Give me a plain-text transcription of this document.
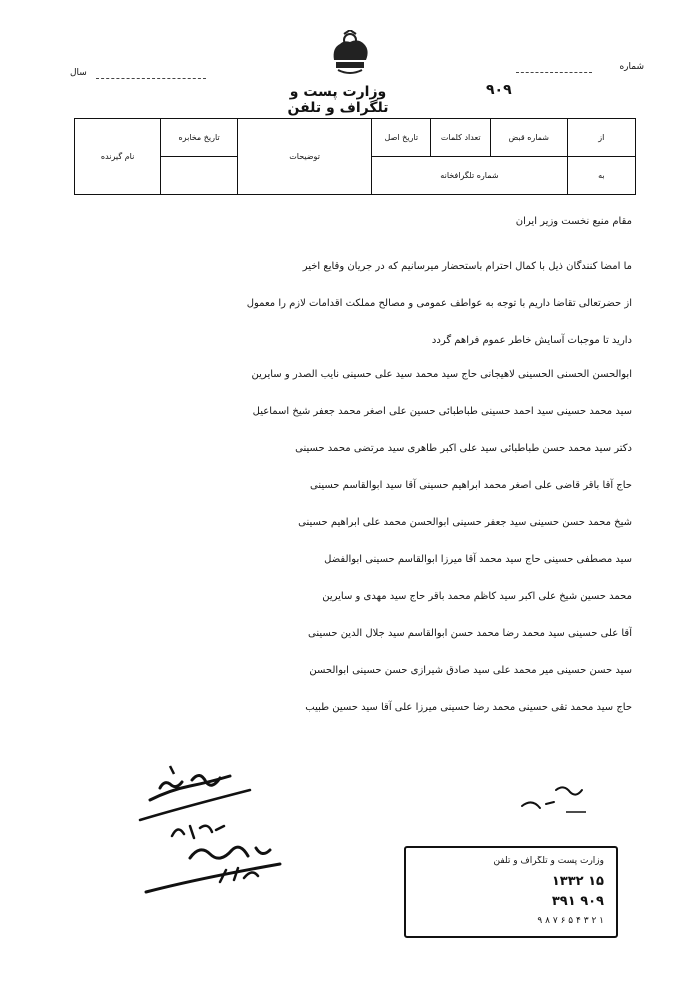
وزارت پست و تلگراف و تلفن
سال
شماره
۹۰۹
از	شماره قبض	تعداد کلمات	تاریخ اصل	توضیحات	تاریخ مخابره	نام گیرنده
به	شماره تلگرافخانه					
مقام منیع نخست وزیر ایران
ما امضا کنندگان ذیل با کمال احترام باستحضار میرسانیم که در جریان وقایع اخیر
از حضرتعالی تقاضا داریم با توجه به عواطف عمومی و مصالح مملکت اقدامات لازم را معمول
دارید تا موجبات آسایش خاطر عموم فراهم گردد
ابوالحسن الحسنی الحسینی لاهیجانی حاج سید محمد سید علی حسینی نایب الصدر و سایرین
سید محمد حسینی سید احمد حسینی طباطبائی حسین علی اصغر محمد جعفر شیخ اسماعیل
دکتر سید محمد حسن طباطبائی سید علی اکبر طاهری سید مرتضی محمد حسینی
حاج آقا باقر قاضی علی اصغر محمد ابراهیم حسینی آقا سید ابوالقاسم حسینی
شیخ محمد حسن حسینی سید جعفر حسینی ابوالحسن محمد علی ابراهیم حسینی
سید مصطفی حسینی حاج سید محمد آقا میرزا ابوالقاسم حسینی ابوالفضل
محمد حسین شیخ علی اکبر سید کاظم محمد باقر حاج سید مهدی و سایرین
آقا علی حسینی سید محمد رضا محمد حسن ابوالقاسم سید جلال الدین حسینی
سید حسن حسینی میر محمد علی سید صادق شیرازی حسن حسینی ابوالحسن
حاج سید محمد تقی حسینی محمد رضا حسینی میرزا علی آقا سید حسین طبیب
وزارت پست و تلگراف و تلفن
۱۵ ۱۳۳۲
۹۰۹ ۳۹۱
۱ ۲ ۳ ۴ ۵ ۶ ۷ ۸ ۹
